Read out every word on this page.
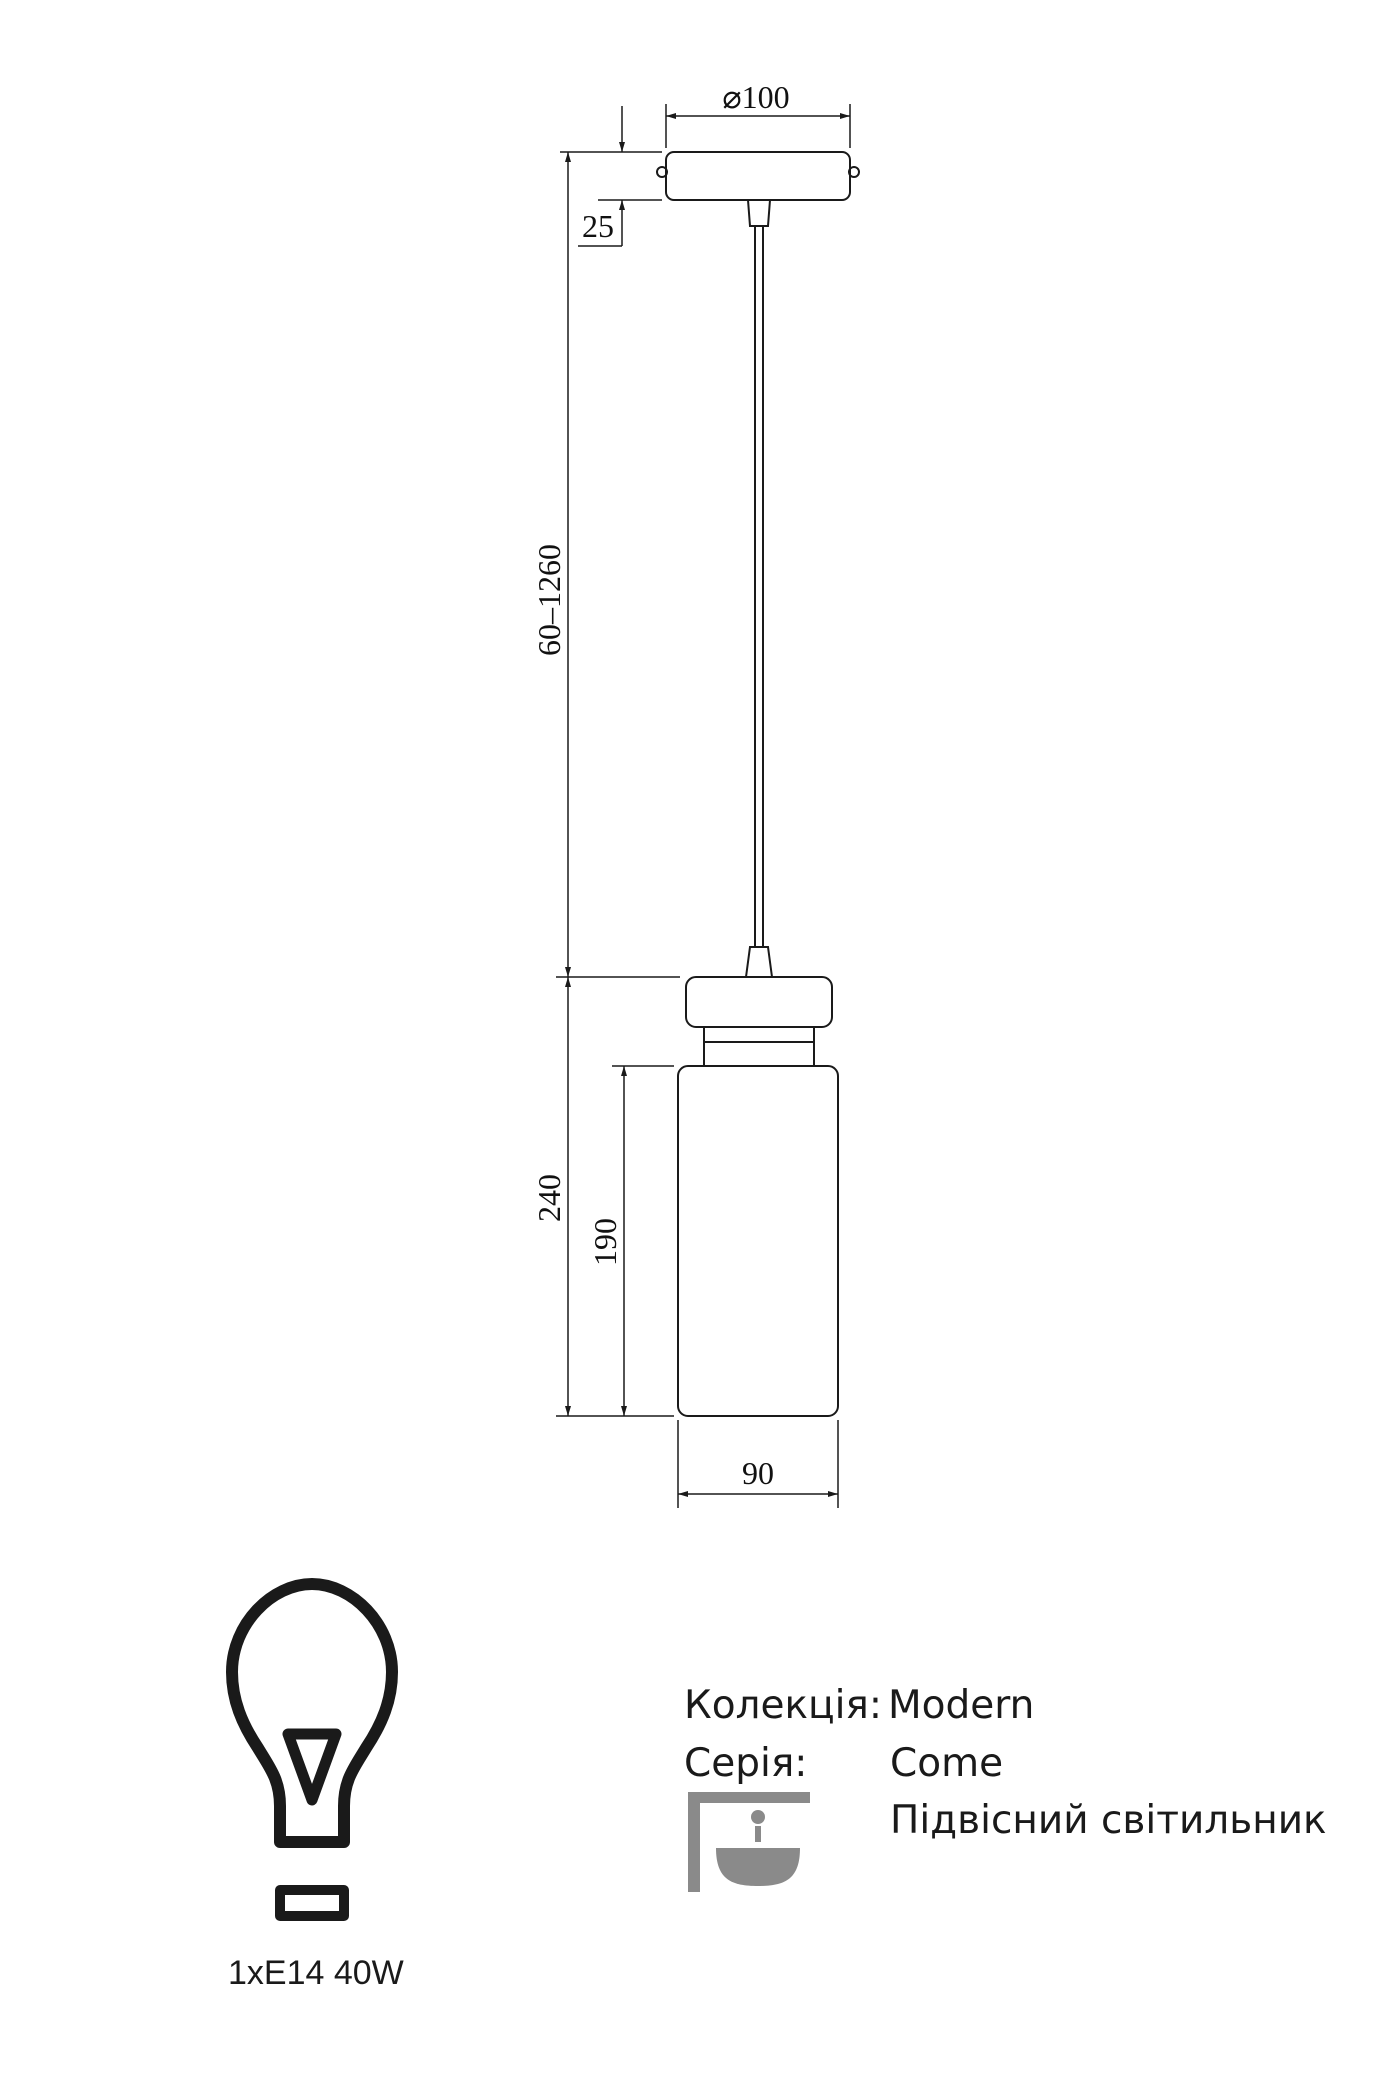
⌀100
25
60–1260
240
190
90
Колекція: Modern
Серія: Come
Підвісний світильник
1xE14 40W
